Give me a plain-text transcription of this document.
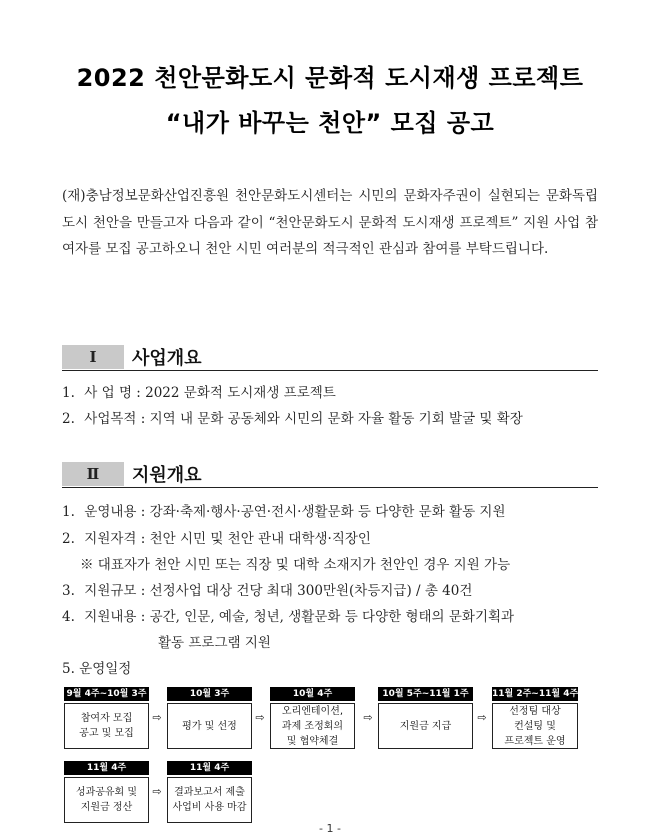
2022 천안문화도시 문화적 도시재생 프로젝트
“내가 바꾸는 천안” 모집 공고
(재)충남정보문화산업진흥원 천안문화도시센터는 시민의 문화자주권이 실현되는 문화독립도시 천안을 만들고자 다음과 같이 “천안문화도시 문화적 도시재생 프로젝트” 지원 사업 참여자를 모집 공고하오니 천안 시민 여러분의 적극적인 관심과 참여를 부탁드립니다.
Ⅰ	사업개요
1. 사 업 명 : 2022 문화적 도시재생 프로젝트
2. 사업목적 : 지역 내 문화 공동체와 시민의 문화 자율 활동 기회 발굴 및 확장
Ⅱ	지원개요
1. 운영내용 : 강좌·축제·행사·공연·전시·생활문화 등 다양한 문화 활동 지원
2. 지원자격 : 천안 시민 및 천안 관내 대학생·직장인
※ 대표자가 천안 시민 또는 직장 및 대학 소재지가 천안인 경우 지원 가능
3. 지원규모 : 선정사업 대상 건당 최대 300만원(차등지급) / 총 40건
4. 지원내용 : 공간, 인문, 예술, 청년, 생활문화 등 다양한 형태의 문화기획과
활동 프로그램 지원
5. 운영일정
9월 4주~10월 3주
참여자 모집
공고 및 모집
⇨
10월 3주
평가 및 선정
⇨
10월 4주
오리엔테이션,
과제 조정회의
및 협약체결
⇨
10월 5주~11월 1주
지원금 지급
⇨
11월 2주~11월 4주
선정팀 대상
컨설팅 및
프로젝트 운영
11월 4주
성과공유회 및
지원금 정산
⇨
11월 4주
결과보고서 제출
사업비 사용 마감
- 1 -
